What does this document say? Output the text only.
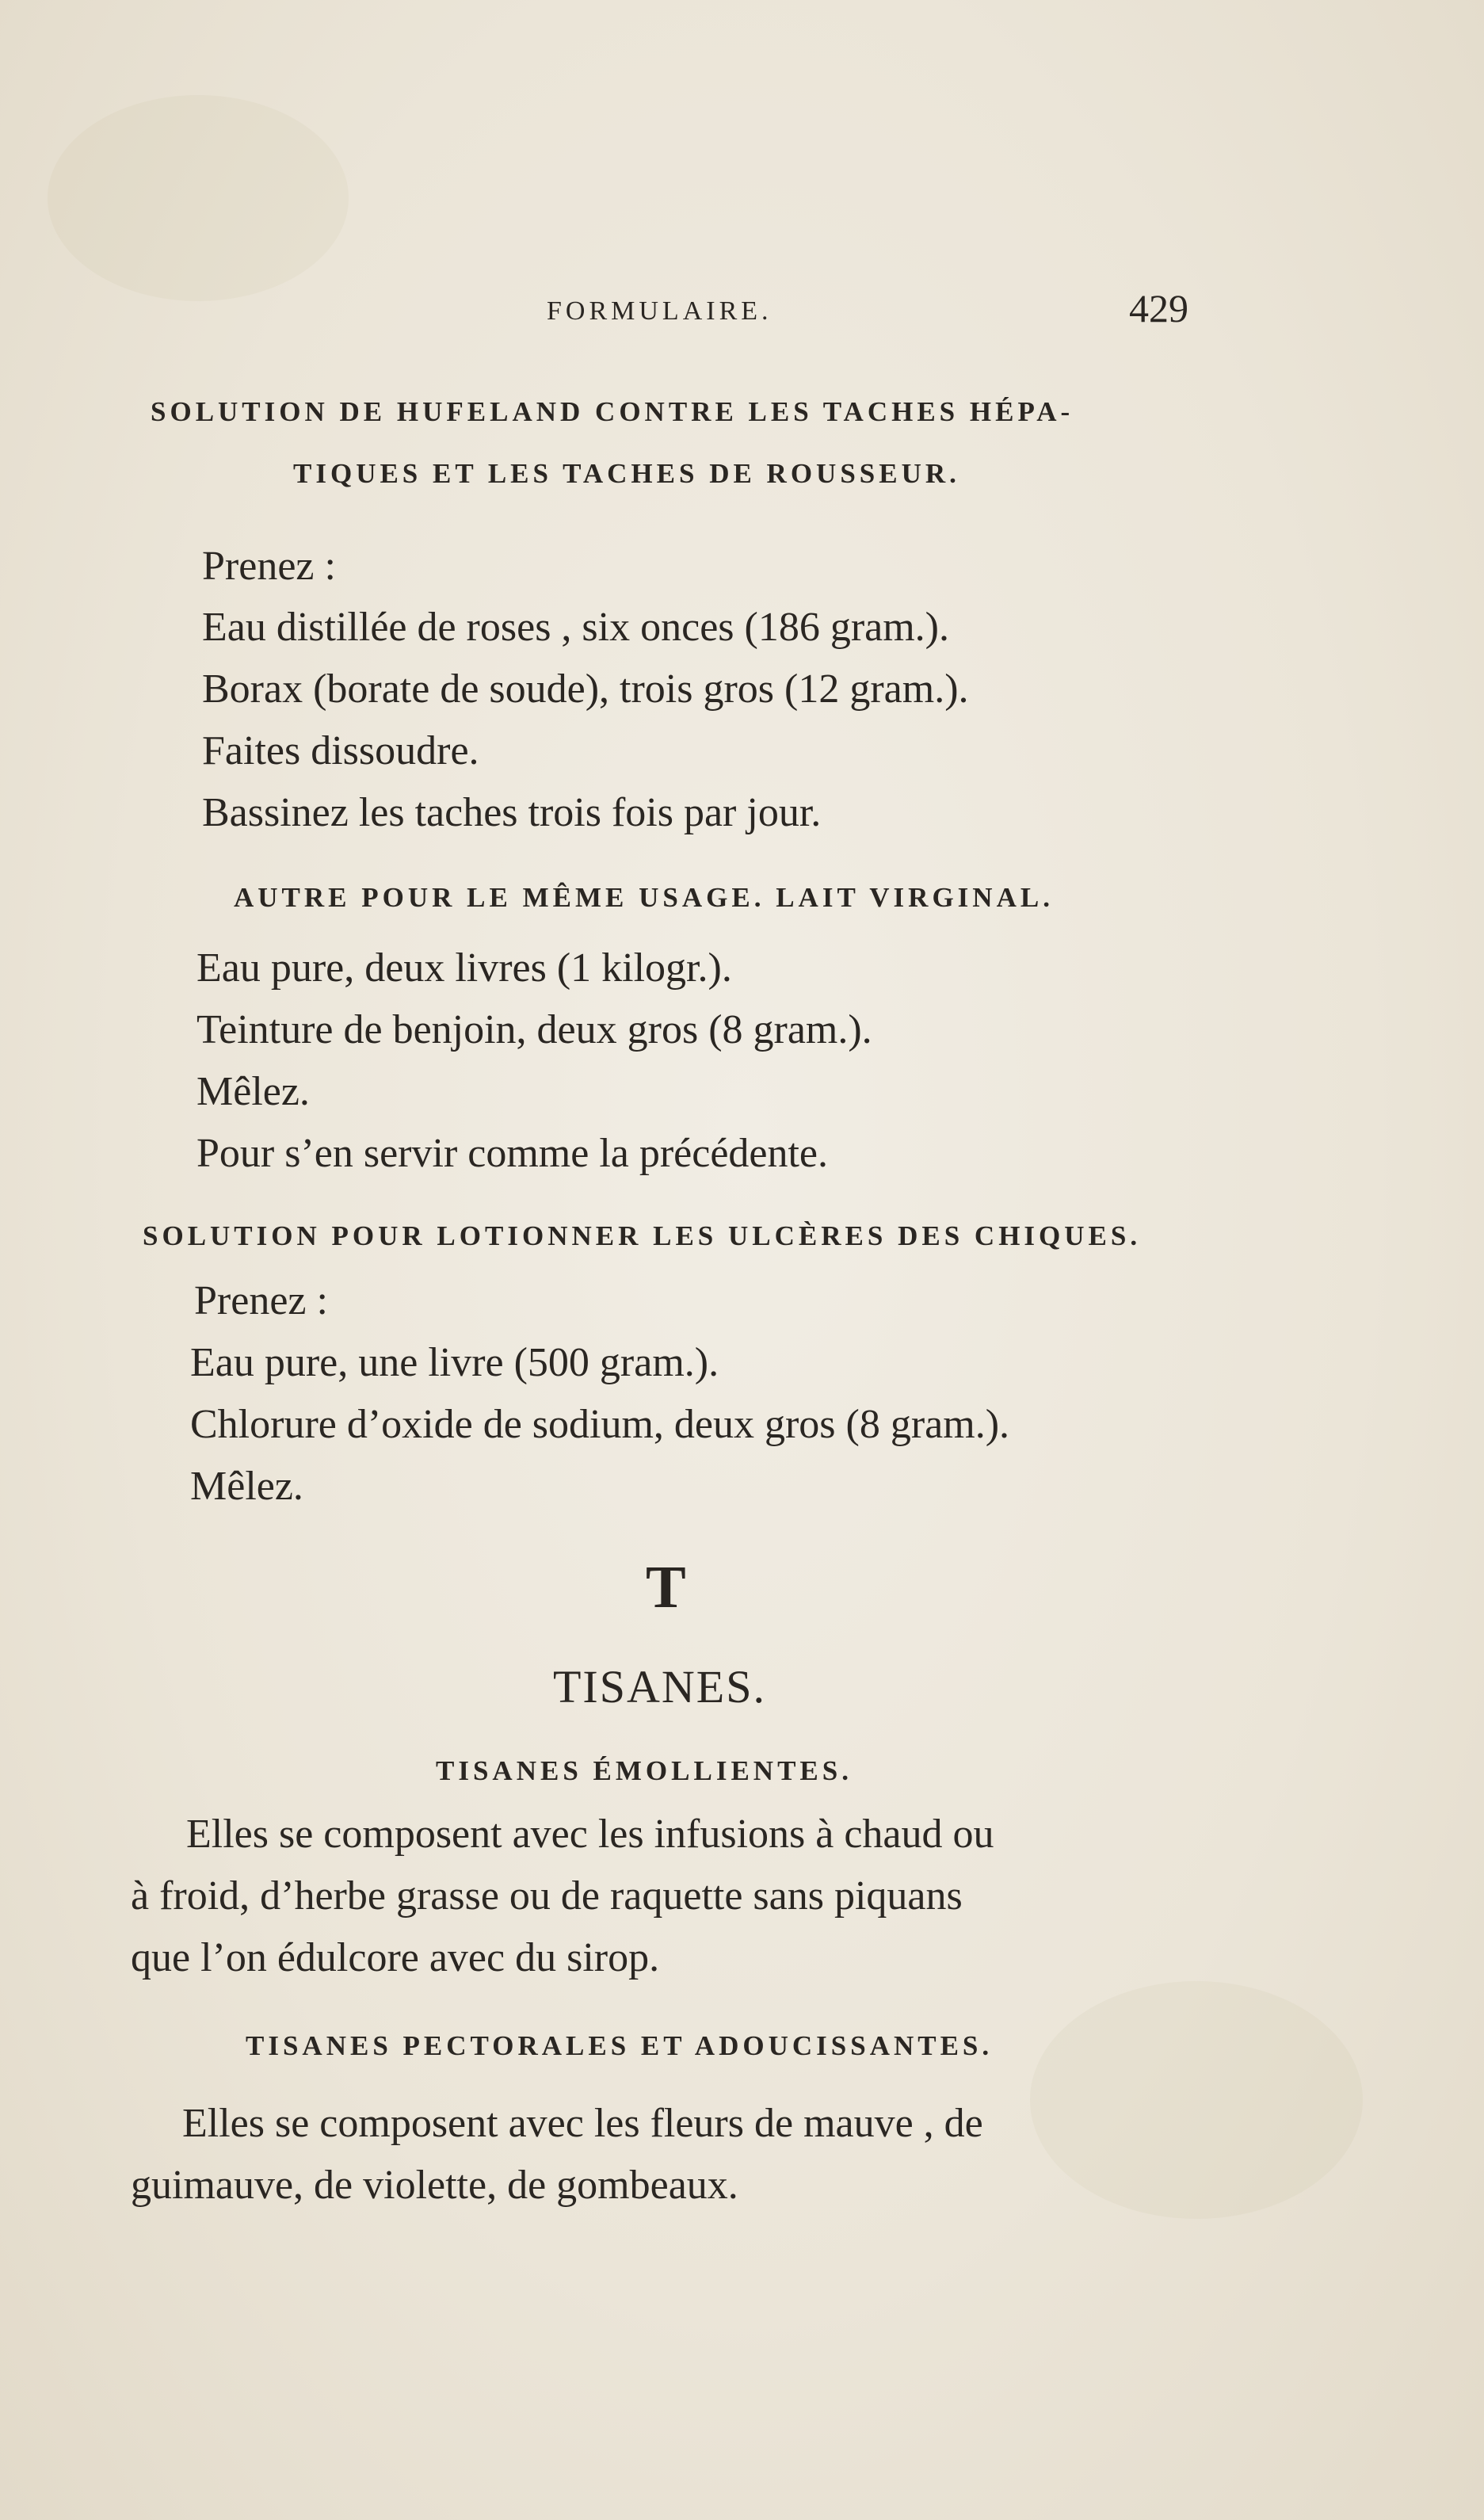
FORMULAIRE.	429
SOLUTION DE HUFELAND CONTRE LES TACHES HÉPA-
TIQUES ET LES TACHES DE ROUSSEUR.
Prenez :
Eau distillée de roses , six onces (186 gram.).
Borax (borate de soude), trois gros (12 gram.).
Faites dissoudre.
Bassinez les taches trois fois par jour.
AUTRE POUR LE MÊME USAGE. LAIT VIRGINAL.
Eau pure, deux livres (1 kilogr.).
Teinture de benjoin, deux gros (8 gram.).
Mêlez.
Pour s’en servir comme la précédente.
SOLUTION POUR LOTIONNER LES ULCÈRES DES CHIQUES.
Prenez :
Eau pure, une livre (500 gram.).
Chlorure d’oxide de sodium, deux gros (8 gram.).
Mêlez.
T
TISANES.
TISANES ÉMOLLIENTES.
Elles se composent avec les infusions à chaud ou
à froid, d’herbe grasse ou de raquette sans piquans
que l’on édulcore avec du sirop.
TISANES PECTORALES ET ADOUCISSANTES.
Elles se composent avec les fleurs de mauve , de
guimauve, de violette, de gombeaux.
